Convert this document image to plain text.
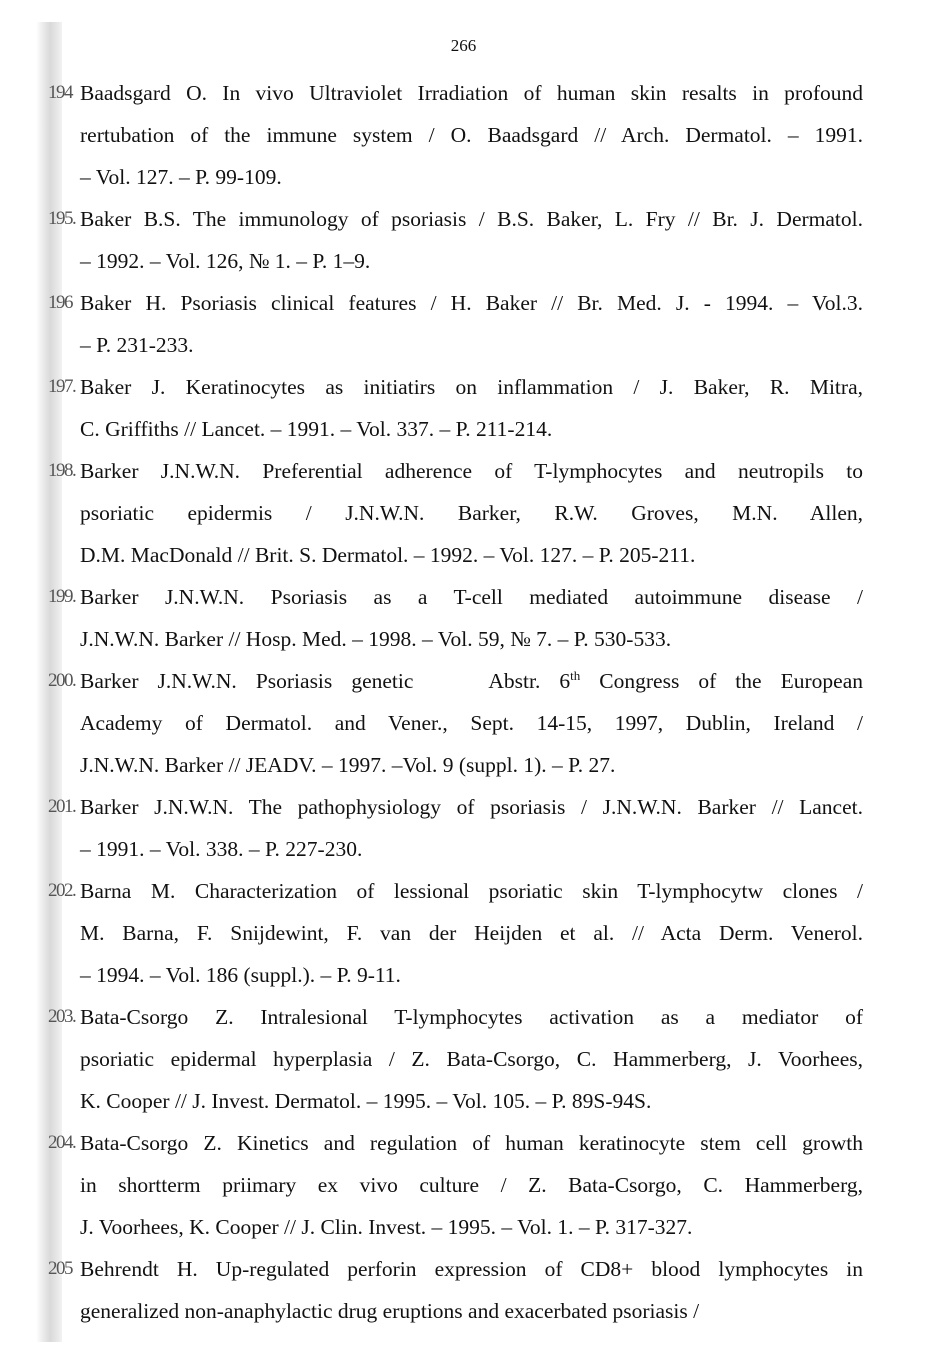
266
194 Baadsgard O. In vivo Ultraviolet Irradiation of human skin resalts in profound
rertubation of the immune system / O. Baadsgard // Arch. Dermatol. – 1991.
– Vol. 127. – P. 99-109.
195. Baker B.S. The immunology of psoriasis / B.S. Baker, L. Fry // Br. J. Dermatol.
– 1992. – Vol. 126, № 1. – P. 1–9.
196 Baker H. Psoriasis clinical features / H. Baker // Br. Med. J. - 1994. – Vol.3.
– P. 231-233.
197. Baker J. Keratinocytes as initiatirs on inflammation / J. Baker, R. Mitra,
C. Griffiths // Lancet. – 1991. – Vol. 337. – P. 211-214.
198. Barker J.N.W.N. Preferential adherence of T-lymphocytes and neutropils to
psoriatic epidermis / J.N.W.N. Barker, R.W. Groves, M.N. Allen,
D.M. MacDonald // Brit. S. Dermatol. – 1992. – Vol. 127. – P. 205-211.
199. Barker J.N.W.N. Psoriasis as a T-cell mediated autoimmune disease /
J.N.W.N. Barker // Hosp. Med. – 1998. – Vol. 59, № 7. – P. 530-533.
200. Barker J.N.W.N. Psoriasis genetic    Abstr. 6th Congress of the European
Academy of Dermatol. and Vener., Sept. 14-15, 1997, Dublin, Ireland /
J.N.W.N. Barker // JEADV. – 1997. –Vol. 9 (suppl. 1). – P. 27.
201. Barker J.N.W.N. The pathophysiology of psoriasis / J.N.W.N. Barker // Lancet.
– 1991. – Vol. 338. – P. 227-230.
202. Barna M. Characterization of lessional psoriatic skin T-lymphocytw clones /
M. Barna, F. Snijdewint, F. van der Heijden et al. // Acta Derm. Venerol.
– 1994. – Vol. 186 (suppl.). – P. 9-11.
203. Bata-Csorgo Z. Intralesional T-lymphocytes activation as a mediator of
psoriatic epidermal hyperplasia / Z. Bata-Csorgo, C. Hammerberg, J. Voorhees,
K. Cooper // J. Invest. Dermatol. – 1995. – Vol. 105. – P. 89S-94S.
204. Bata-Csorgo Z. Kinetics and regulation of human keratinocyte stem cell growth
in shortterm priimary ex vivo culture / Z. Bata-Csorgo, C. Hammerberg,
J. Voorhees, K. Cooper // J. Clin. Invest. – 1995. – Vol. 1. – P. 317-327.
205 Behrendt H. Up-regulated perforin expression of CD8+ blood lymphocytes in
generalized non-anaphylactic drug eruptions and exacerbated psoriasis /
